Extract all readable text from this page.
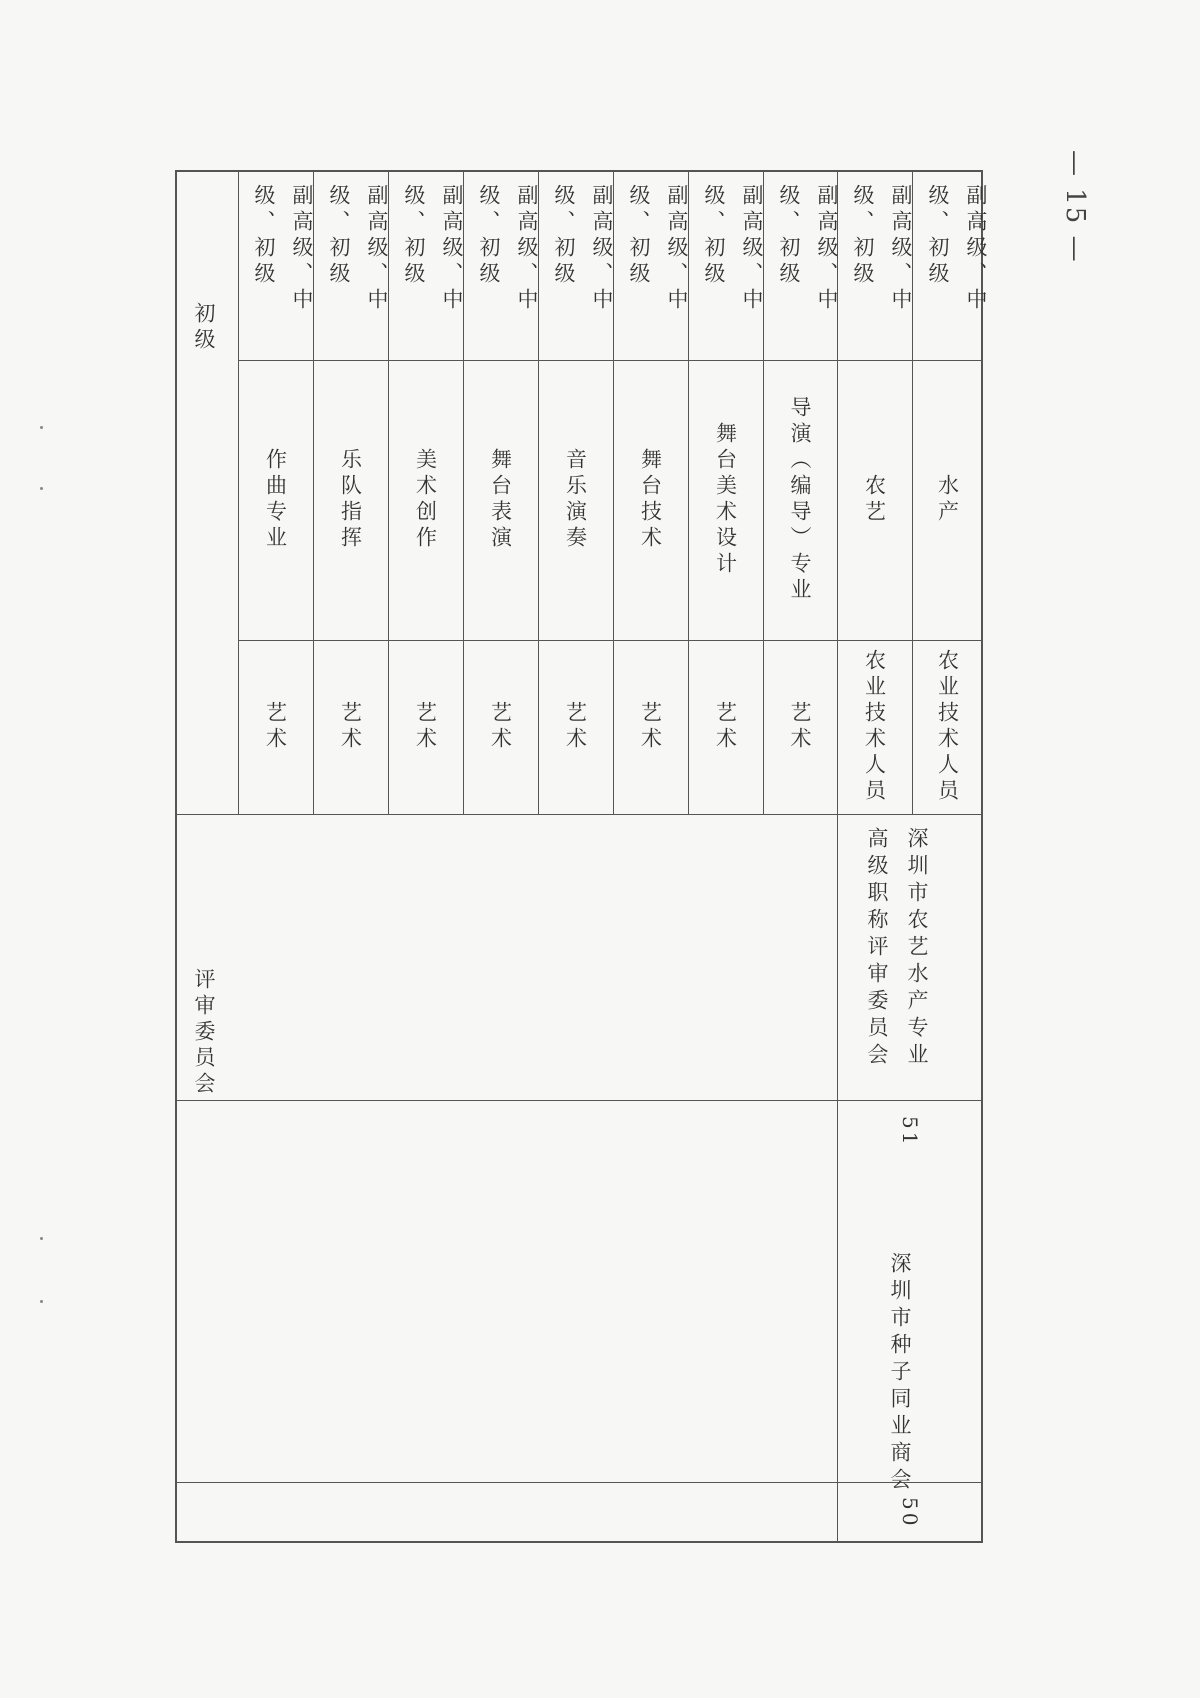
— 15 —
初级
评审委员会
副高级、中级、初级
作曲专业
艺术
副高级、中级、初级
乐队指挥
艺术
副高级、中级、初级
美术创作
艺术
副高级、中级、初级
舞台表演
艺术
副高级、中级、初级
音乐演奏
艺术
副高级、中级、初级
舞台技术
艺术
副高级、中级、初级
舞台美术设计
艺术
副高级、中级、初级
导演（编导）专业
艺术
副高级、中级、初级
农艺
农业技术人员
副高级、中级、初级
水产
农业技术人员
深圳市农艺水产专业高级职称评审委员会
51
深圳市种子同业商会
50
